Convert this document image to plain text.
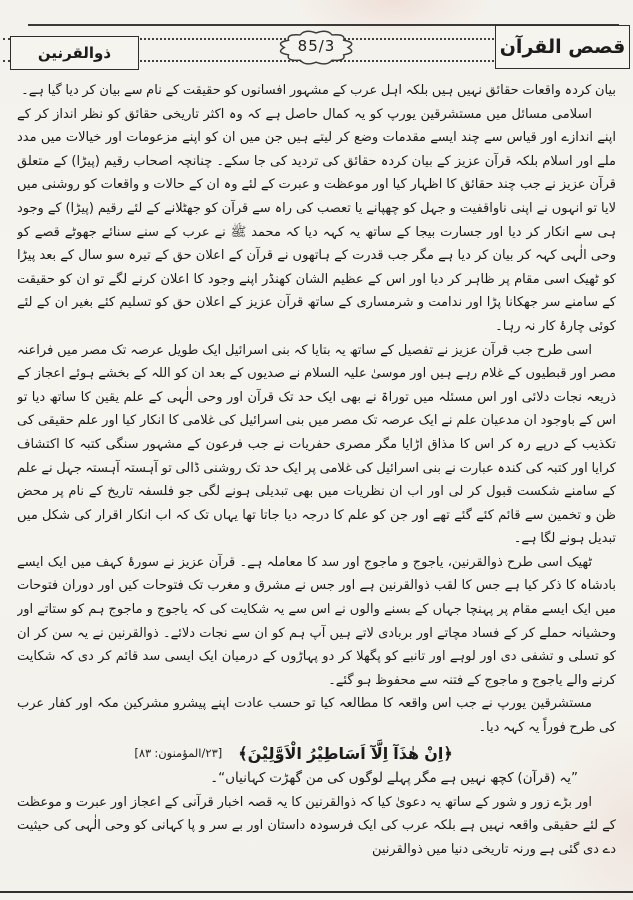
قصص القرآن
ذوالقرنین	85/3

بیان کردہ واقعات حقائق نہیں ہیں بلکہ اہل عرب کے مشہور افسانوں کو حقیقت کے نام سے بیان کر دیا گیا ہے۔

اسلامی مسائل میں مستشرقین یورپ کو یہ کمال حاصل ہے کہ وہ اکثر تاریخی حقائق کو نظر انداز کر کے اپنے اندازے اور قیاس سے چند ایسے مقدمات وضع کر لیتے ہیں جن میں ان کو اپنے مزعومات اور خیالات میں مدد ملے اور اسلام بلکہ قرآن عزیز کے بیان کردہ حقائق کی تردید کی جا سکے۔ چنانچہ اصحاب رقیم (پیڑا) کے متعلق قرآن عزیز نے جب چند حقائق کا اظہار کیا اور موعظت و عبرت کے لئے وہ ان کے حالات و واقعات کو روشنی میں لایا تو انہوں نے اپنی ناواقفیت و جہل کو چھپانے یا تعصب کی راہ سے قرآن کو جھٹلانے کے لئے رقیم (پیڑا) کے وجود ہی سے انکار کر دیا اور جسارت بیجا کے ساتھ یہ کہہ دیا کہ محمد ﷺ نے عرب کے سنے سنائے جھوٹے قصے کو وحی الٰہی کہہ کر بیان کر دیا ہے مگر جب قدرت کے ہاتھوں نے قرآن کے اعلان حق کے تیرہ سو سال کے بعد پیڑا کو ٹھیک اسی مقام پر ظاہر کر دیا اور اس کے عظیم الشان کھنڈر اپنے وجود کا اعلان کرنے لگے تو ان کو حقیقت کے سامنے سر جھکانا پڑا اور ندامت و شرمساری کے ساتھ قرآن عزیز کے اعلان حق کو تسلیم کئے بغیر ان کے لئے کوئی چارۂ کار نہ رہا۔

اسی طرح جب قرآن عزیز نے تفصیل کے ساتھ یہ بتایا کہ بنی اسرائیل ایک طویل عرصہ تک مصر میں فراعنہ مصر اور قبطیوں کے غلام رہے ہیں اور موسیٰ علیہ السلام نے صدیوں کے بعد ان کو اللہ کے بخشے ہوئے اعجاز کے ذریعہ نجات دلائی اور اس مسئلہ میں توراۃ نے بھی ایک حد تک قرآن اور وحی الٰہی کے علم یقین کا ساتھ دیا تو اس کے باوجود ان مدعیان علم نے ایک عرصہ تک مصر میں بنی اسرائیل کی غلامی کا انکار کیا اور علم حقیقی کی تکذیب کے درپے رہ کر اس کا مذاق اڑایا مگر مصری حفریات نے جب فرعون کے مشہور سنگی کتبہ کا اکتشاف کرایا اور کتبہ کی کندہ عبارت نے بنی اسرائیل کی غلامی پر ایک حد تک روشنی ڈالی تو آہستہ آہستہ جہل نے علم کے سامنے شکست قبول کر لی اور اب ان نظریات میں بھی تبدیلی ہونے لگی جو فلسفہ تاریخ کے نام پر محض ظن و تخمین سے قائم کئے گئے تھے اور جن کو علم کا درجہ دیا جاتا تھا یہاں تک کہ اب انکار اقرار کی شکل میں تبدیل ہونے لگا ہے۔

ٹھیک اسی طرح ذوالقرنین، یاجوج و ماجوج اور سد کا معاملہ ہے۔ قرآن عزیز نے سورۂ کہف میں ایک ایسے بادشاہ کا ذکر کیا ہے جس کا لقب ذوالقرنین ہے اور جس نے مشرق و مغرب تک فتوحات کیں اور دوران فتوحات میں ایک ایسے مقام پر پہنچا جہاں کے بسنے والوں نے اس سے یہ شکایت کی کہ یاجوج و ماجوج ہم کو ستاتے اور وحشیانہ حملے کر کے فساد مچاتے اور بربادی لاتے ہیں آپ ہم کو ان سے نجات دلائے۔ ذوالقرنین نے یہ سن کر ان کو تسلی و تشفی دی اور لوہے اور تانبے کو پگھلا کر دو پہاڑوں کے درمیان ایک ایسی سد قائم کر دی کہ شکایت کرنے والے یاجوج و ماجوج کے فتنہ سے محفوظ ہو گئے۔

مستشرقین یورپ نے جب اس واقعہ کا مطالعہ کیا تو حسب عادت اپنے پیشرو مشرکین مکہ اور کفار عرب کی طرح فوراً یہ کہہ دیا۔

﴿اِنْ هٰذَآ اِلَّآ اَسَاطِيْرُ الْاَوَّلِيْنَ﴾
[۲۳/المؤمنون: ۸۳]

”یہ (قرآن) کچھ نہیں ہے مگر پہلے لوگوں کی من گھڑت کہانیاں“۔

اور بڑے زور و شور کے ساتھ یہ دعویٰ کیا کہ ذوالقرنین کا یہ قصہ اخبار قرآنی کے اعجاز اور عبرت و موعظت کے لئے حقیقی واقعہ نہیں ہے بلکہ عرب کی ایک فرسودہ داستان اور بے سر و پا کہانی کو وحی الٰہی کی حیثیت دے دی گئی ہے ورنہ تاریخی دنیا میں ذوالقرنین
